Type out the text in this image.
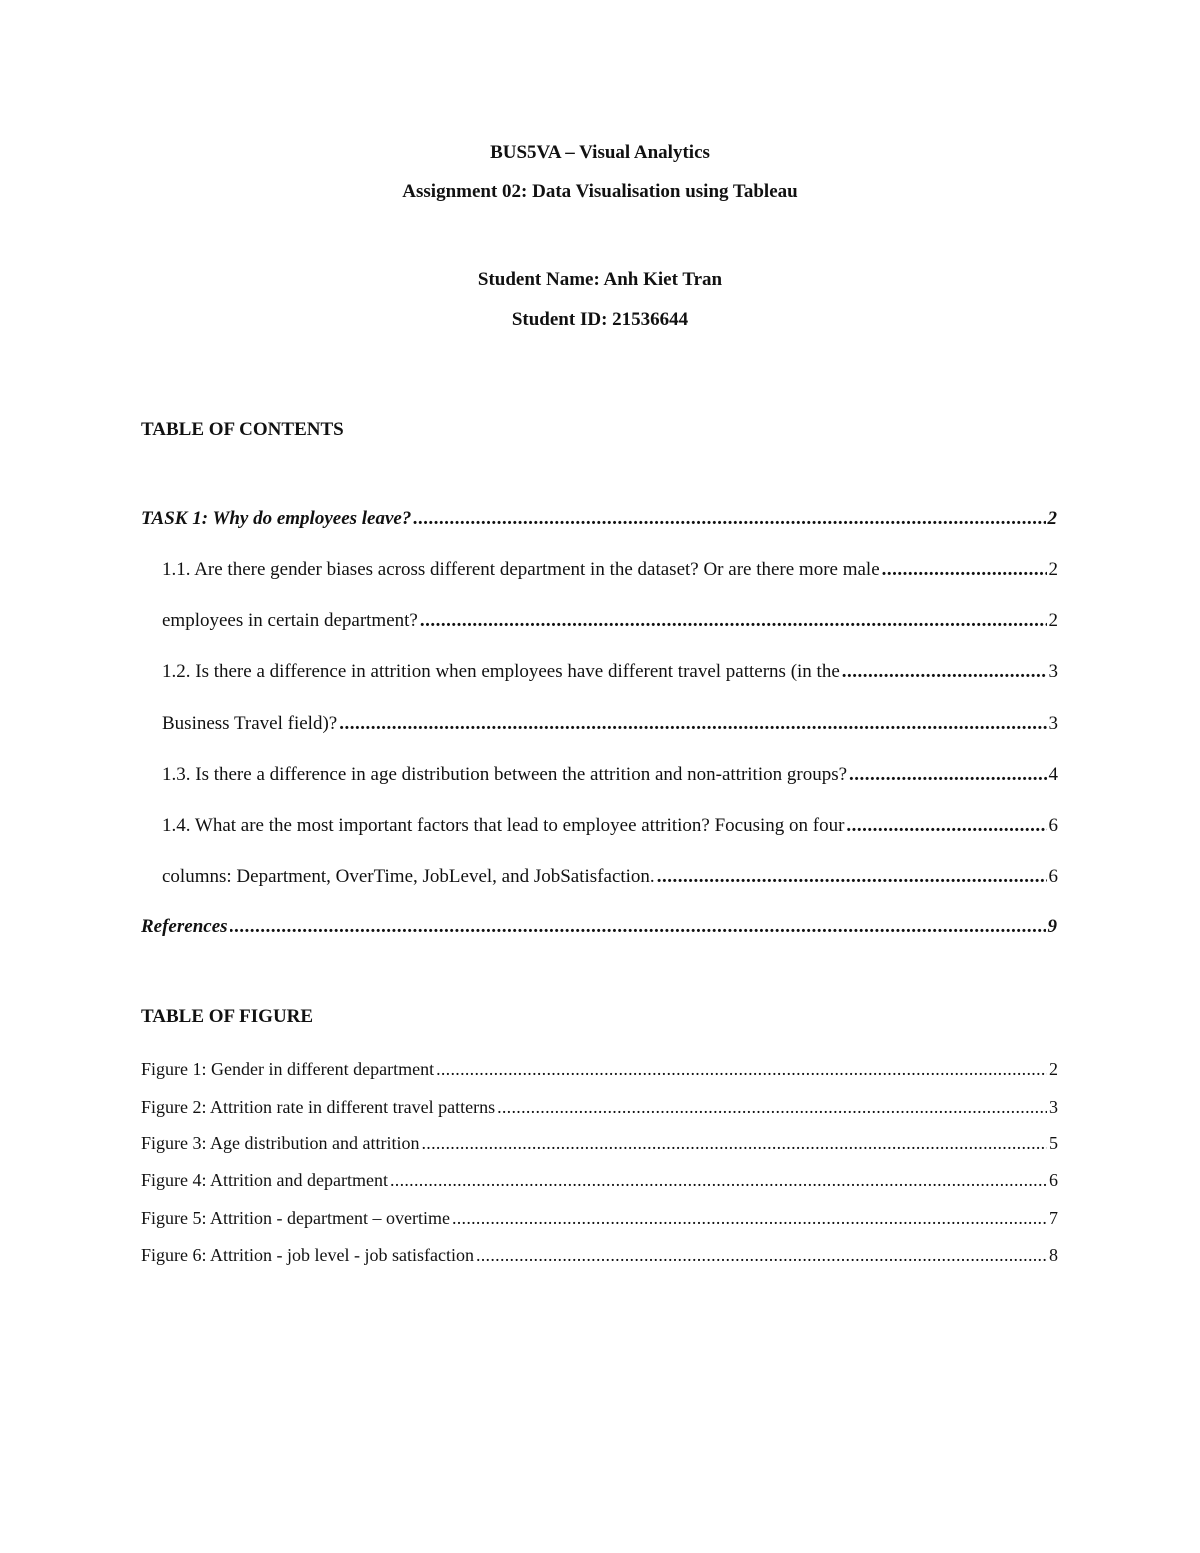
BUS5VA – Visual Analytics
Assignment 02: Data Visualisation using Tableau
Student Name: Anh Kiet Tran
Student ID: 21536644
TABLE OF CONTENTS
TASK 1: Why do employees leave? .....	2
1.1. Are there gender biases across different department in the dataset? Or are there more male .....	2
employees in certain department? .....	2
1.2. Is there a difference in attrition when employees have different travel patterns (in the .....	3
Business Travel field)? .....	3
1.3. Is there a difference in age distribution between the attrition and non-attrition groups? .....	4
1.4. What are the most important factors that lead to employee attrition? Focusing on four .....	6
columns: Department, OverTime, JobLevel, and JobSatisfaction. .....	6
References .....	9
TABLE OF FIGURE
Figure 1: Gender in different department .....	2
Figure 2: Attrition rate in different travel patterns .....	3
Figure 3: Age distribution and attrition .....	5
Figure 4: Attrition and department .....	6
Figure 5: Attrition - department – overtime .....	7
Figure 6: Attrition - job level - job satisfaction .....	8
